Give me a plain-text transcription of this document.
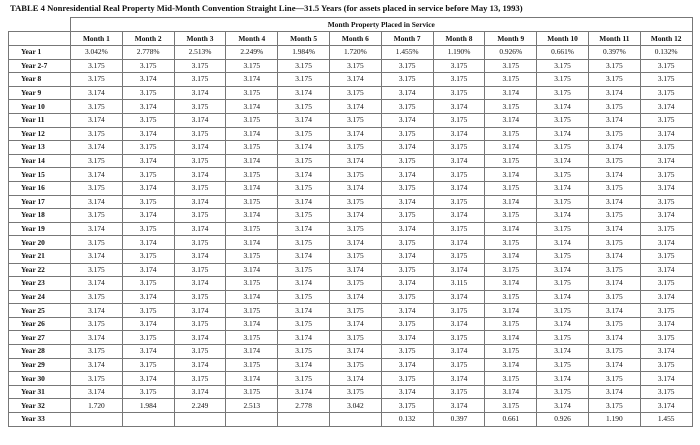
TABLE 4 Nonresidential Real Property Mid-Month Convention Straight Line—31.5 Years (for assets placed in service before May 13, 1993)
	Month Property Placed in Service											
	Month 1	Month 2	Month 3	Month 4	Month 5	Month 6	Month 7	Month 8	Month 9	Month 10	Month 11	Month 12
Year 1	3.042%	2.778%	2.513%	2.249%	1.984%	1.720%	1.455%	1.190%	0.926%	0.661%	0.397%	0.132%
Year 2-7	3.175	3.175	3.175	3.175	3.175	3.175	3.175	3.175	3.175	3.175	3.175	3.175
Year 8	3.175	3.174	3.175	3.174	3.175	3.174	3.175	3.175	3.175	3.175	3.175	3.175
Year 9	3.174	3.175	3.174	3.175	3.174	3.175	3.174	3.175	3.174	3.175	3.174	3.175
Year 10	3.175	3.174	3.175	3.174	3.175	3.174	3.175	3.174	3.175	3.174	3.175	3.174
Year 11	3.174	3.175	3.174	3.175	3.174	3.175	3.174	3.175	3.174	3.175	3.174	3.175
Year 12	3.175	3.174	3.175	3.174	3.175	3.174	3.175	3.174	3.175	3.174	3.175	3.174
Year 13	3.174	3.175	3.174	3.175	3.174	3.175	3.174	3.175	3.174	3.175	3.174	3.175
Year 14	3.175	3.174	3.175	3.174	3.175	3.174	3.175	3.174	3.175	3.174	3.175	3.174
Year 15	3.174	3.175	3.174	3.175	3.174	3.175	3.174	3.175	3.174	3.175	3.174	3.175
Year 16	3.175	3.174	3.175	3.174	3.175	3.174	3.175	3.174	3.175	3.174	3.175	3.174
Year 17	3.174	3.175	3.174	3.175	3.174	3.175	3.174	3.175	3.174	3.175	3.174	3.175
Year 18	3.175	3.174	3.175	3.174	3.175	3.174	3.175	3.174	3.175	3.174	3.175	3.174
Year 19	3.174	3.175	3.174	3.175	3.174	3.175	3.174	3.175	3.174	3.175	3.174	3.175
Year 20	3.175	3.174	3.175	3.174	3.175	3.174	3.175	3.174	3.175	3.174	3.175	3.174
Year 21	3.174	3.175	3.174	3.175	3.174	3.175	3.174	3.175	3.174	3.175	3.174	3.175
Year 22	3.175	3.174	3.175	3.174	3.175	3.174	3.175	3.174	3.175	3.174	3.175	3.174
Year 23	3.174	3.175	3.174	3.175	3.174	3.175	3.174	3.115	3.174	3.175	3.174	3.175
Year 24	3.175	3.174	3.175	3.174	3.175	3.174	3.175	3.174	3.175	3.174	3.175	3.174
Year 25	3.174	3.175	3.174	3.175	3.174	3.175	3.174	3.175	3.174	3.175	3.174	3.175
Year 26	3.175	3.174	3.175	3.174	3.175	3.174	3.175	3.174	3.175	3.174	3.175	3.174
Year 27	3.174	3.175	3.174	3.175	3.174	3.175	3.174	3.175	3.174	3.175	3.174	3.175
Year 28	3.175	3.174	3.175	3.174	3.175	3.174	3.175	3.174	3.175	3.174	3.175	3.174
Year 29	3.174	3.175	3.174	3.175	3.174	3.175	3.174	3.175	3.174	3.175	3.174	3.175
Year 30	3.175	3.174	3.175	3.174	3.175	3.174	3.175	3.174	3.175	3.174	3.175	3.174
Year 31	3.174	3.175	3.174	3.175	3.174	3.175	3.174	3.175	3.174	3.175	3.174	3.175
Year 32	1.720	1.984	2.249	2.513	2.778	3.042	3.175	3.174	3.175	3.174	3.175	3.174
Year 33							0.132	0.397	0.661	0.926	1.190	1.455
